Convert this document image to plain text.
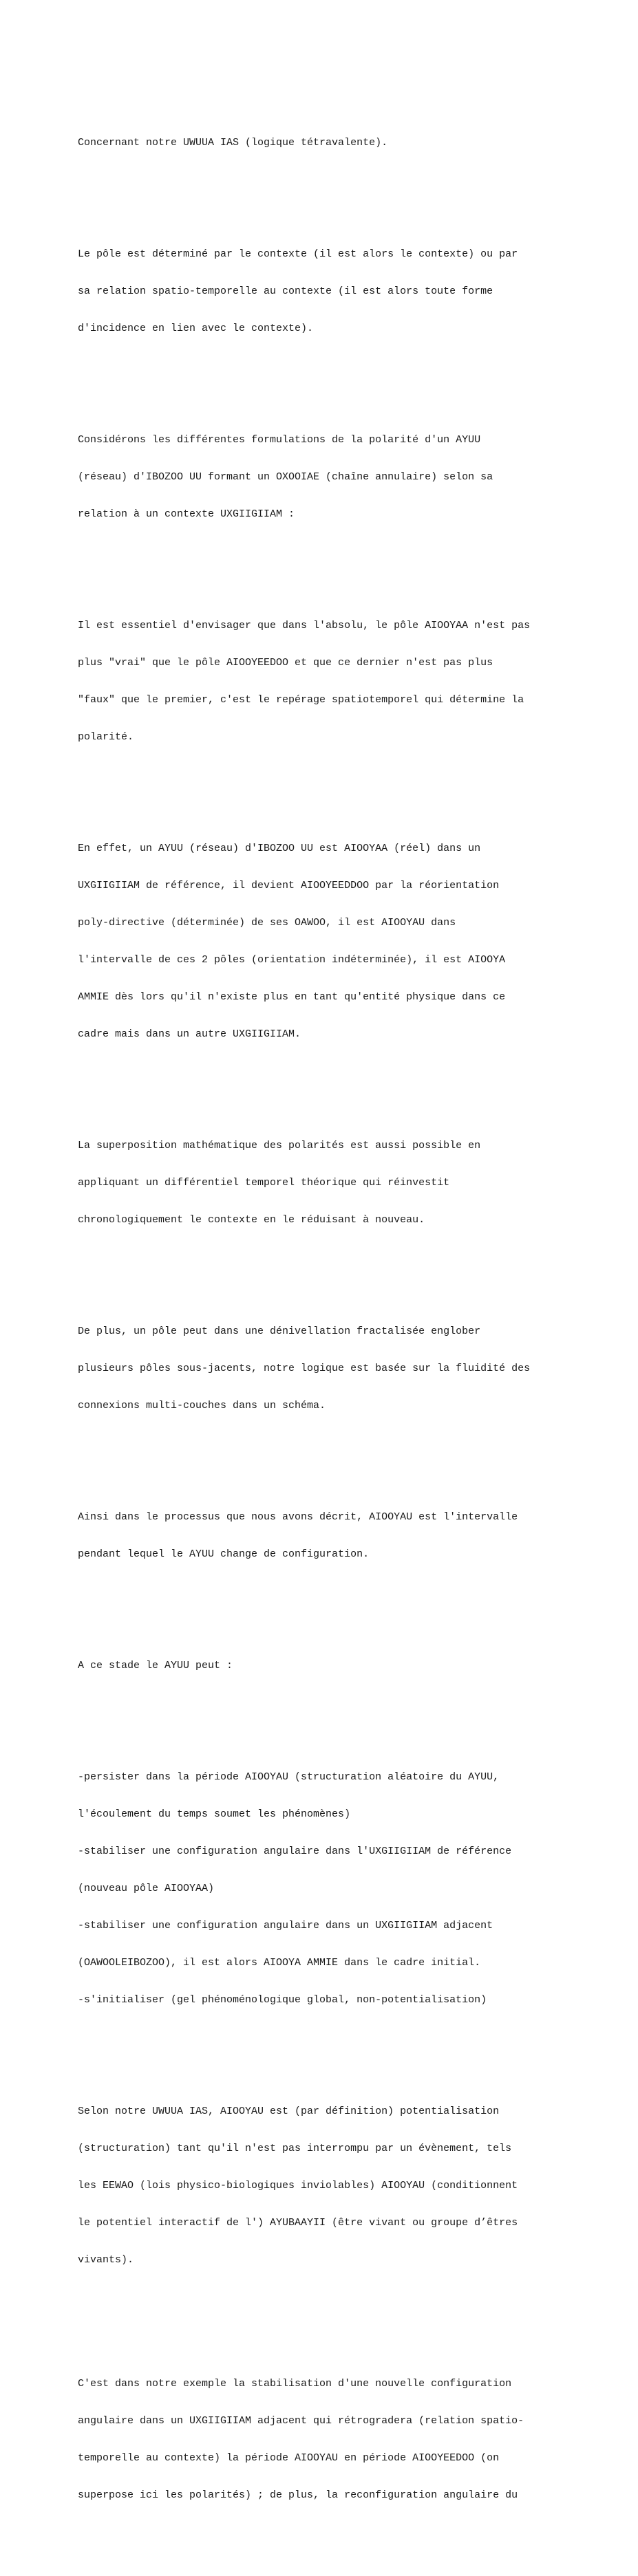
Concernant notre UWUUA IAS (logique tétravalente).

Le pôle est déterminé par le contexte (il est alors le contexte) ou par

sa relation spatio-temporelle au contexte (il est alors toute forme

d'incidence en lien avec le contexte).

Considérons les différentes formulations de la polarité d'un AYUU

(réseau) d'IBOZOO UU formant un OXOOIAE (chaîne annulaire) selon sa

relation à un contexte UXGIIGIIAM :

Il est essentiel d'envisager que dans l'absolu, le pôle AIOOYAA n'est pas

plus "vrai" que le pôle AIOOYEEDOO et que ce dernier n'est pas plus

"faux" que le premier, c'est le repérage spatiotemporel qui détermine la

polarité.

En effet, un AYUU (réseau) d'IBOZOO UU est AIOOYAA (réel) dans un

UXGIIGIIAM de référence, il devient AIOOYEEDDOO par la réorientation

poly-directive (déterminée) de ses OAWOO, il est AIOOYAU dans

l'intervalle de ces 2 pôles (orientation indéterminée), il est AIOOYA

AMMIE dès lors qu'il n'existe plus en tant qu'entité physique dans ce

cadre mais dans un autre UXGIIGIIAM.

La superposition mathématique des polarités est aussi possible en

appliquant un différentiel temporel théorique qui réinvestit

chronologiquement le contexte en le réduisant à nouveau.

De plus, un pôle peut dans une dénivellation fractalisée englober

plusieurs pôles sous-jacents, notre logique est basée sur la fluidité des

connexions multi-couches dans un schéma.

Ainsi dans le processus que nous avons décrit, AIOOYAU est l'intervalle

pendant lequel le AYUU change de configuration.

A ce stade le AYUU peut :

-persister dans la période AIOOYAU (structuration aléatoire du AYUU,

l'écoulement du temps soumet les phénomènes)

-stabiliser une configuration angulaire dans l'UXGIIGIIAM de référence

(nouveau pôle AIOOYAA)

-stabiliser une configuration angulaire dans un UXGIIGIIAM adjacent

(OAWOOLEIBOZOO), il est alors AIOOYA AMMIE dans le cadre initial.

-s'initialiser (gel phénoménologique global, non-potentialisation)

Selon notre UWUUA IAS, AIOOYAU est (par définition) potentialisation

(structuration) tant qu'il n'est pas interrompu par un évènement, tels

les EEWAO (lois physico-biologiques inviolables) AIOOYAU (conditionnent

le potentiel interactif de l') AYUBAAYII (être vivant ou groupe d’êtres

vivants).

C'est dans notre exemple la stabilisation d'une nouvelle configuration

angulaire dans un UXGIIGIIAM adjacent qui rétrogradera (relation spatio-

temporelle au contexte) la période AIOOYAU en période AIOOYEEDOO (on

superpose ici les polarités) ; de plus, la reconfiguration angulaire du
